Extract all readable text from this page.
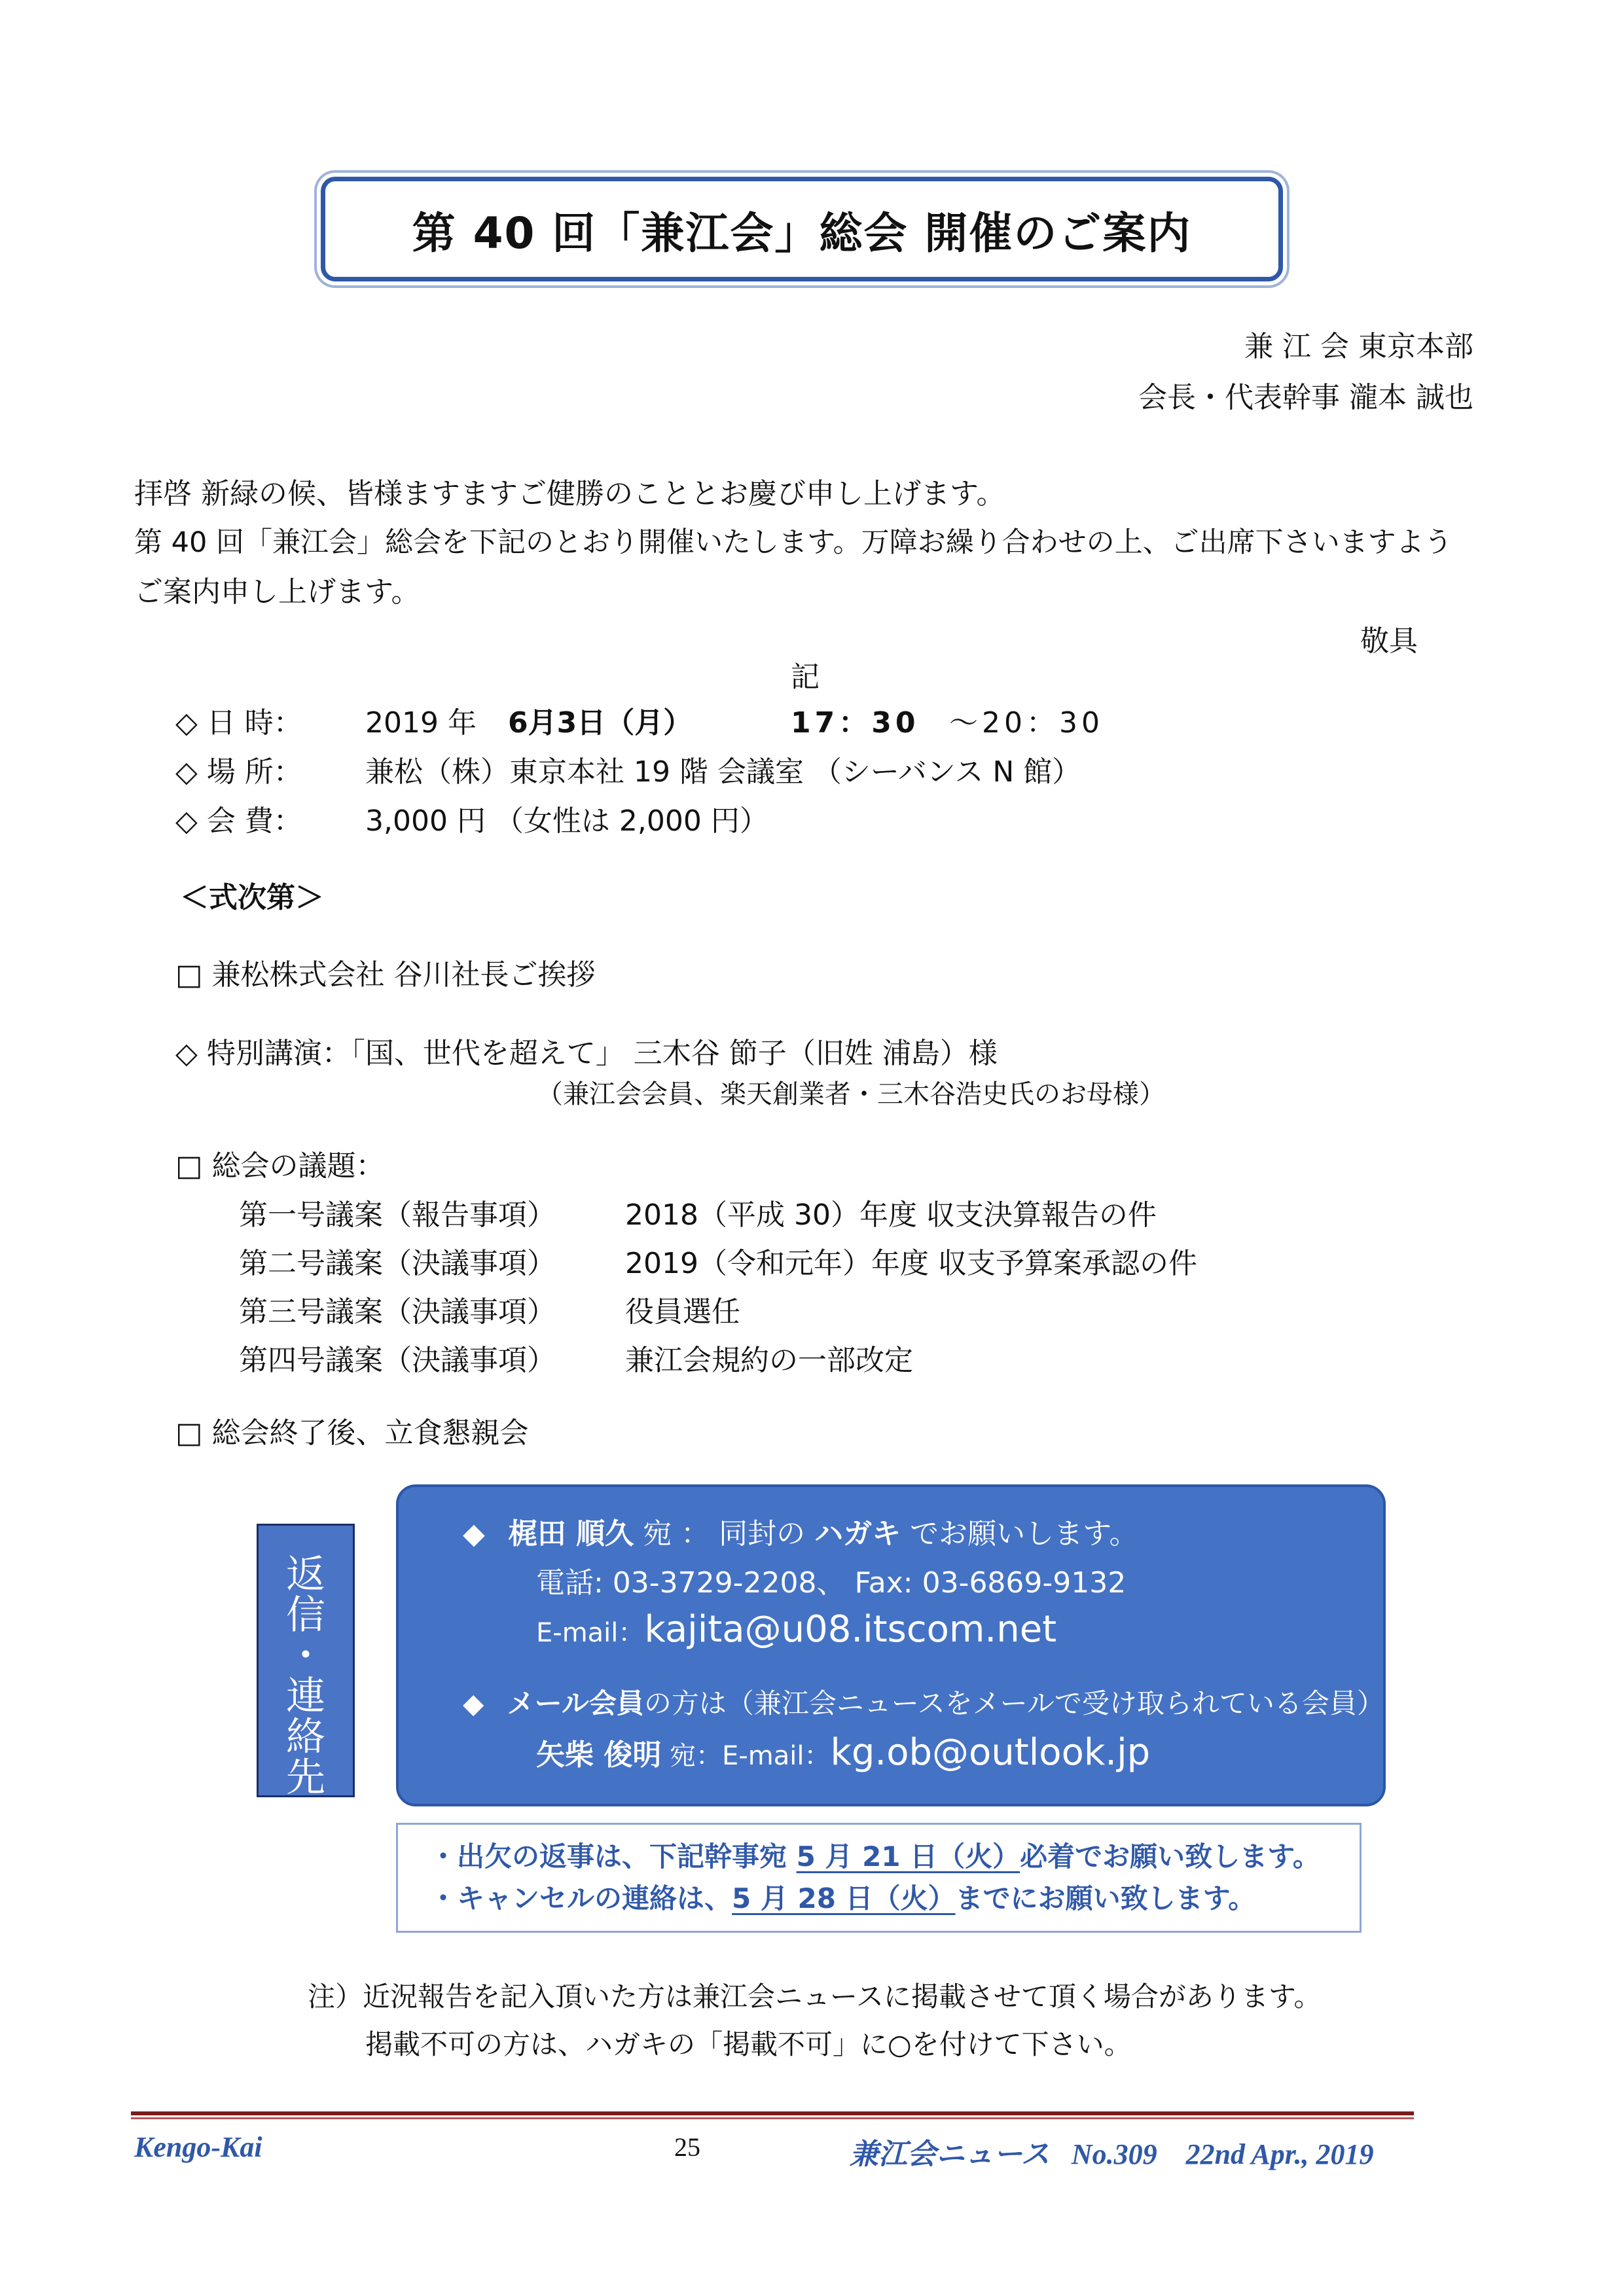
第 40 回「兼江会」総会 開催のご案内
兼 江 会 東京本部
会長・代表幹事 瀧本 誠也
拝啓 新緑の候、皆様ますますご健勝のこととお慶び申し上げます。
第 40 回「兼江会」総会を下記のとおり開催いたします。万障お繰り合わせの上、ご出席下さいますよう
ご案内申し上げます。
敬具
記
◇ 日 時： 2019 年 6月3日（月）	17：30 ～20：30
◇ 場 所： 兼松（株）東京本社 19 階 会議室 （シーバンス N 館）
◇ 会 費： 3,000 円 （女性は 2,000 円）
＜式次第＞
□ 兼松株式会社 谷川社長ご挨拶
◇ 特別講演：「国、世代を超えて」 三木谷 節子（旧姓 浦島）様
（兼江会会員、楽天創業者・三木谷浩史氏のお母様）
□ 総会の議題：
第一号議案（報告事項） 2018（平成 30）年度 収支決算報告の件
第二号議案（決議事項） 2019（令和元年）年度 収支予算案承認の件
第三号議案（決議事項） 役員選任
第四号議案（決議事項） 兼江会規約の一部改定
□ 総会終了後、立食懇親会
返
信
・
連
絡
先
◆ 梶田 順久 宛 ： 同封の ハガキ でお願いします。
電話: 03-3729-2208、 Fax: 03-6869-9132
E-mail：kajita@u08.itscom.net
◆ メール会員の方は（兼江会ニュースをメールで受け取られている会員）
矢柴 俊明 宛：E-mail：kg.ob@outlook.jp
・出欠の返事は、下記幹事宛 5 月 21 日（火）必着でお願い致します。
・キャンセルの連絡は、5 月 28 日（火）までにお願い致します。
注）近況報告を記入頂いた方は兼江会ニュースに掲載させて頂く場合があります。
掲載不可の方は、ハガキの「掲載不可」に○を付けて下さい。
Kengo-Kai	25	兼江会ニュース   No.309    22nd Apr., 2019
